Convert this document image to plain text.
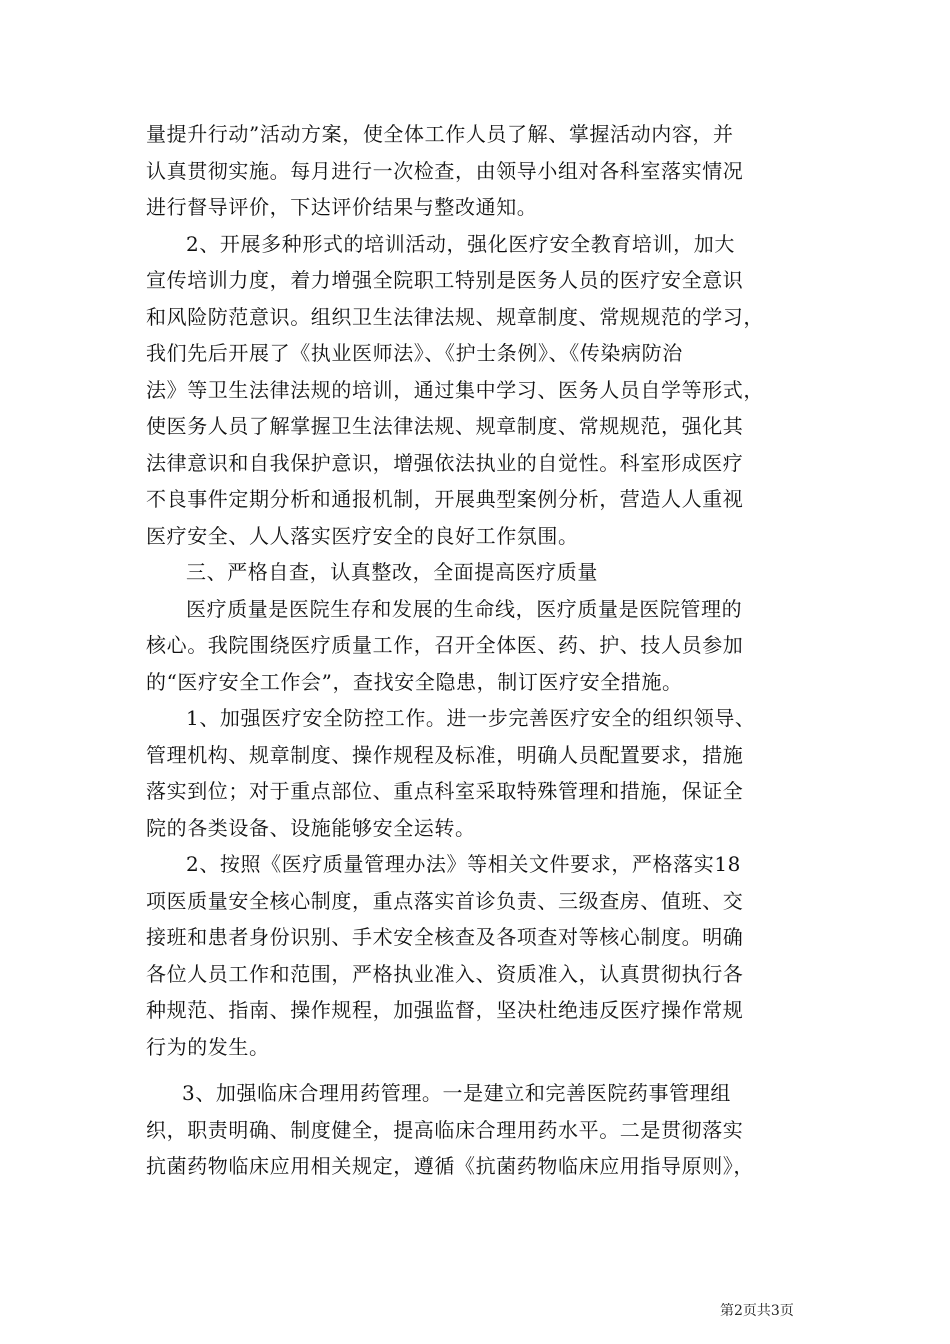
量提升行动”活动方案，使全体工作人员了解、掌握活动内容，并
认真贯彻实施。每月进行一次检查，由领导小组对各科室落实情况
进行督导评价，下达评价结果与整改通知。
2、开展多种形式的培训活动，强化医疗安全教育培训，加大
宣传培训力度，着力增强全院职工特别是医务人员的医疗安全意识
和风险防范意识。组织卫生法律法规、规章制度、常规规范的学习，
我们先后开展了《执业医师法》、《护士条例》、《传染病防治
法》等卫生法律法规的培训，通过集中学习、医务人员自学等形式，
使医务人员了解掌握卫生法律法规、规章制度、常规规范，强化其
法律意识和自我保护意识，增强依法执业的自觉性。科室形成医疗
不良事件定期分析和通报机制，开展典型案例分析，营造人人重视
医疗安全、人人落实医疗安全的良好工作氛围。
三、严格自查，认真整改，全面提高医疗质量
医疗质量是医院生存和发展的生命线，医疗质量是医院管理的
核心。我院围绕医疗质量工作，召开全体医、药、护、技人员参加
的“医疗安全工作会”，查找安全隐患，制订医疗安全措施。
1、加强医疗安全防控工作。进一步完善医疗安全的组织领导、
管理机构、规章制度、操作规程及标准，明确人员配置要求，措施
落实到位；对于重点部位、重点科室采取特殊管理和措施，保证全
院的各类设备、设施能够安全运转。
2、按照《医疗质量管理办法》等相关文件要求，严格落实18
项医质量安全核心制度，重点落实首诊负责、三级查房、值班、交
接班和患者身份识别、手术安全核查及各项查对等核心制度。明确
各位人员工作和范围，严格执业准入、资质准入，认真贯彻执行各
种规范、指南、操作规程，加强监督，坚决杜绝违反医疗操作常规
行为的发生。
3、加强临床合理用药管理。一是建立和完善医院药事管理组
织，职责明确、制度健全，提高临床合理用药水平。二是贯彻落实
抗菌药物临床应用相关规定，遵循《抗菌药物临床应用指导原则》，
第2页共3页
